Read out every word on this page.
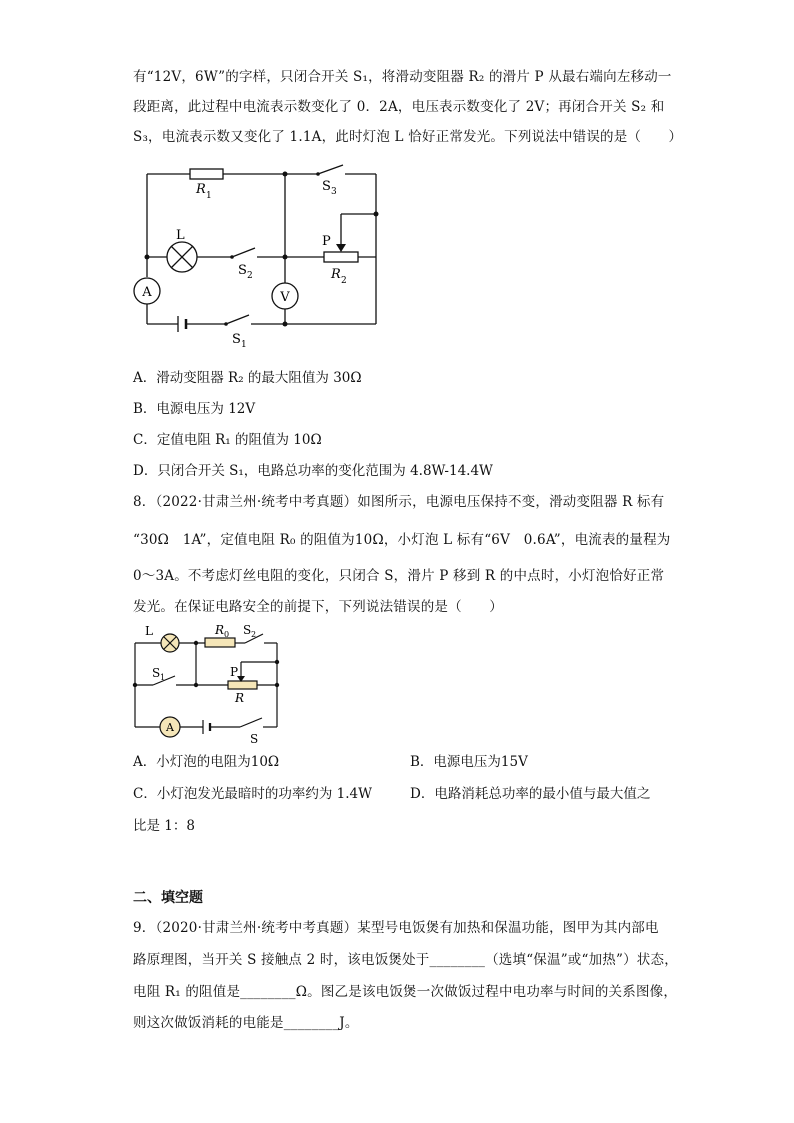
有“12V，6W”的字样，只闭合开关 S₁，将滑动变阻器 R₂ 的滑片 P 从最右端向左移动一
段距离，此过程中电流表示数变化了 0．2A，电压表示数变化了 2V；再闭合开关 S₂ 和
S₃，电流表示数又变化了 1.1A，此时灯泡 L 恰好正常发光。下列说法中错误的是（　　）
A	V
R 1
S 3
L
S 2
P
R 2
S 1
A．滑动变阻器 R₂ 的最大阻值为 30Ω
B．电源电压为 12V
C．定值电阻 R₁ 的阻值为 10Ω
D．只闭合开关 S₁，电路总功率的变化范围为 4.8W-14.4W
8．（2022·甘肃兰州·统考中考真题）如图所示，电源电压保持不变，滑动变阻器 R 标有
“30Ω　1A”，定值电阻 R₀ 的阻值为10Ω，小灯泡 L 标有“6V　0.6A”，电流表的量程为
0～3A。不考虑灯丝电阻的变化，只闭合 S，滑片 P 移到 R 的中点时，小灯泡恰好正常
发光。在保证电路安全的前提下，下列说法错误的是（　　）
A
L	R 0 S 2
S 1	P
R
S
A．小灯泡的电阻为10Ω	B．电源电压为15V
C．小灯泡发光最暗时的功率约为 1.4W	D．电路消耗总功率的最小值与最大值之
比是 1：8
二、填空题
9．（2020·甘肃兰州·统考中考真题）某型号电饭煲有加热和保温功能，图甲为其内部电
路原理图，当开关 S 接触点 2 时，该电饭煲处于________（选填“保温”或“加热”）状态，
电阻 R₁ 的阻值是________Ω。图乙是该电饭煲一次做饭过程中电功率与时间的关系图像，
则这次做饭消耗的电能是________J。
